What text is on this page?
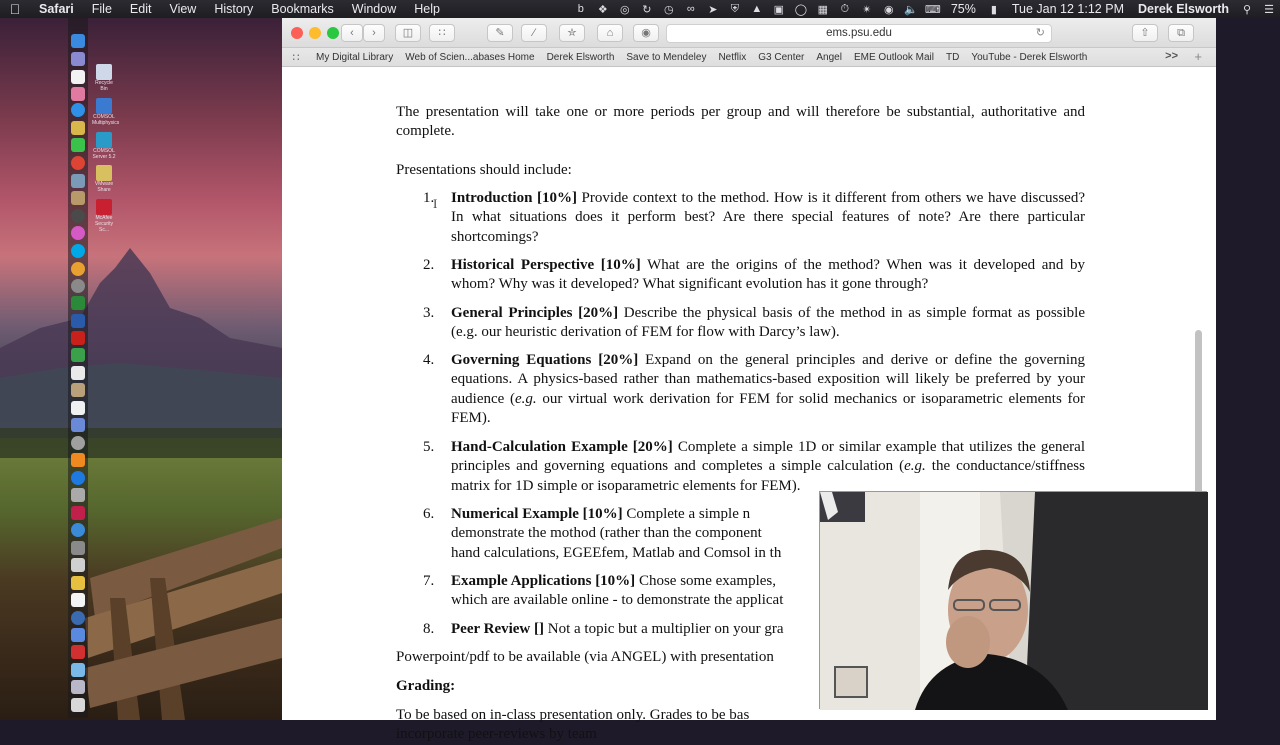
Safari	File	Edit	View	History	Bookmarks	Window	Help	b	❖	◎	↻	◷	∞	➤	⛨	▲	▣ ◯ ▦	⏱	✴	◉ 🔈 ⌨ 75%	▮	Tue Jan 12 1:12 PM	Derek Elsworth	⚲	☰
Recycle Bin
COMSOL Multiphysics
COMSOL Server 5.2
VMware Share
McAfee Security Sc...
‹	›	◫	∷	✎	∕	✮	⌂	◉	ems.psu.edu	↻	⇧	⧉
∷	My Digital Library	Web of Scien...abases Home	Derek Elsworth	Save to Mendeley	Netflix	G3 Center	Angel	EME Outlook Mail	TD	YouTube - Derek Elsworth	>> +

The presentation will take one or more periods per group and will therefore be substantial, authoritative and complete.

Presentations should include:

1. Introduction [10%] Provide context to the method. How is it different from others we have discussed? In what situations does it perform best? Are there special features of note? Are there particular shortcomings?
2. Historical Perspective [10%] What are the origins of the method? When was it developed and by whom? Why was it developed? What significant evolution has it gone through?
3. General Principles [20%] Describe the physical basis of the method in as simple format as possible (e.g. our heuristic derivation of FEM for flow with Darcy’s law).
4. Governing Equations [20%] Expand on the general principles and derive or define the governing equations. A physics-based rather than mathematics-based exposition will likely be preferred by your audience (e.g. our virtual work derivation for FEM for solid mechanics or isoparametric elements for FEM).
5. Hand-Calculation Example [20%] Complete a simple 1D or similar example that utilizes the general principles and governing equations and completes a simple calculation (e.g. the conductance/stiffness matrix for 1D simple or isoparametric elements for FEM).
6. Numerical Example [10%] Complete a simple n
demonstrate the mothod (rather than the component
hand calculations, EGEEfem, Matlab and Comsol in th
7. Example Applications [10%] Chose some examples,
which are available online - to demonstrate the applicat
8. Peer Review [] Not a topic but a multiplier on your gra

Powerpoint/pdf to be available (via ANGEL) with presentation

Grading:

To be based on in-class presentation only. Grades to be bas
incorporate peer-reviews by team

I
